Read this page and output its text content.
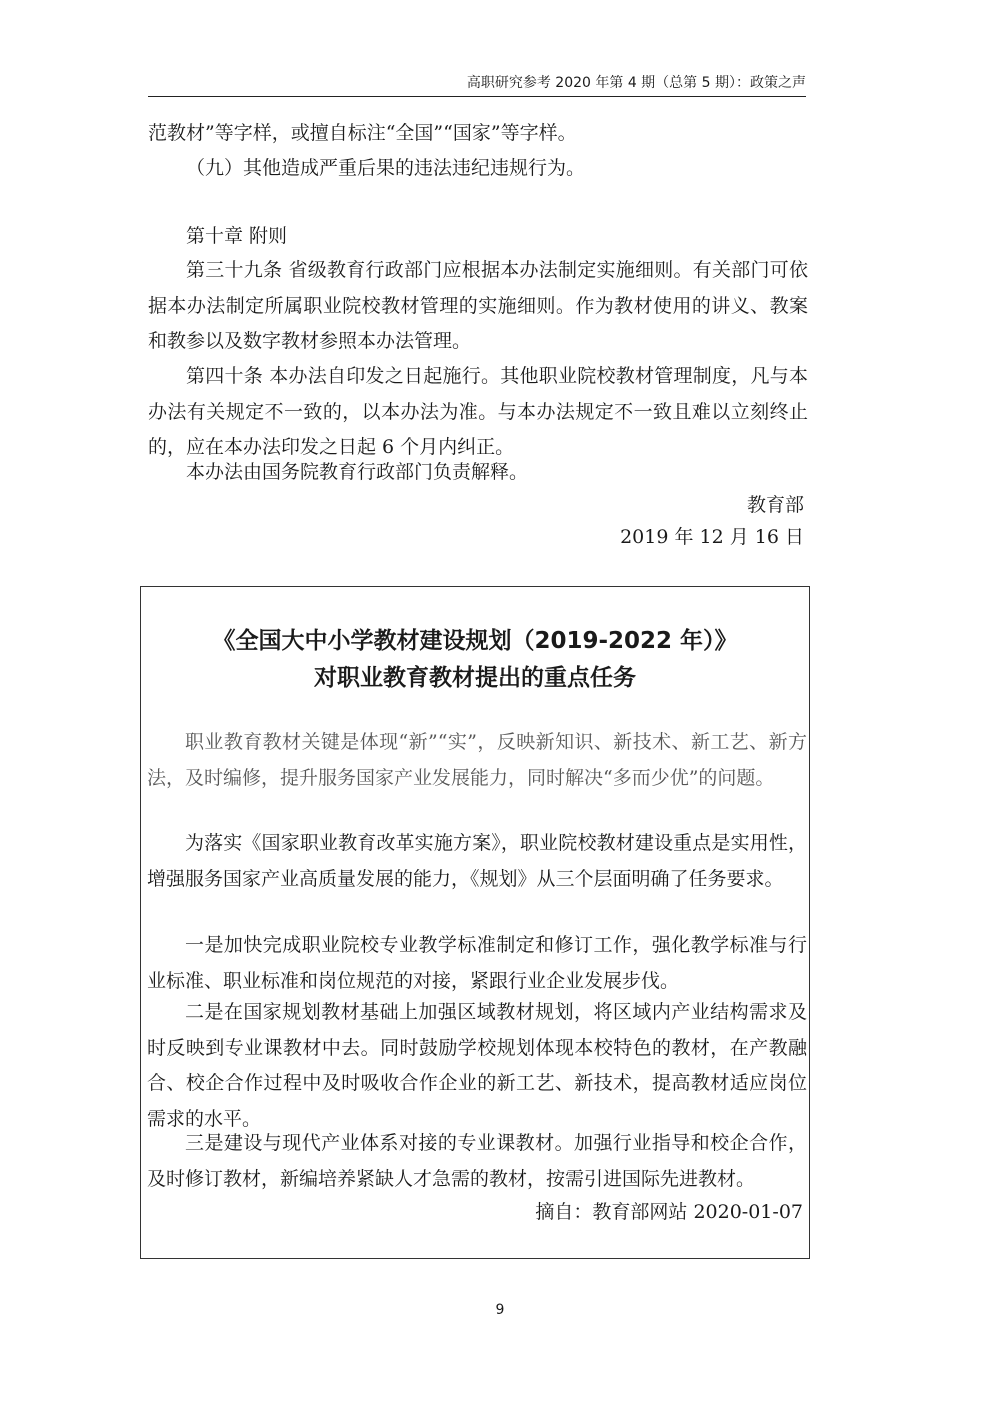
高职研究参考 2020 年第 4 期（总第 5 期）：政策之声
范教材”等字样，或擅自标注“全国”“国家”等字样。
（九）其他造成严重后果的违法违纪违规行为。
第十章 附则
第三十九条 省级教育行政部门应根据本办法制定实施细则。有关部门可依据本办法制定所属职业院校教材管理的实施细则。作为教材使用的讲义、教案和教参以及数字教材参照本办法管理。
第四十条 本办法自印发之日起施行。其他职业院校教材管理制度，凡与本办法有关规定不一致的，以本办法为准。与本办法规定不一致且难以立刻终止的，应在本办法印发之日起 6 个月内纠正。
本办法由国务院教育行政部门负责解释。
教育部
2019 年 12 月 16 日
《全国大中小学教材建设规划（2019-2022 年）》
对职业教育教材提出的重点任务
职业教育教材关键是体现“新”“实”，反映新知识、新技术、新工艺、新方法，及时编修，提升服务国家产业发展能力，同时解决“多而少优”的问题。
为落实《国家职业教育改革实施方案》，职业院校教材建设重点是实用性，增强服务国家产业高质量发展的能力，《规划》从三个层面明确了任务要求。
一是加快完成职业院校专业教学标准制定和修订工作，强化教学标准与行业标准、职业标准和岗位规范的对接，紧跟行业企业发展步伐。
二是在国家规划教材基础上加强区域教材规划，将区域内产业结构需求及时反映到专业课教材中去。同时鼓励学校规划体现本校特色的教材，在产教融合、校企合作过程中及时吸收合作企业的新工艺、新技术，提高教材适应岗位需求的水平。
三是建设与现代产业体系对接的专业课教材。加强行业指导和校企合作，及时修订教材，新编培养紧缺人才急需的教材，按需引进国际先进教材。
摘自：教育部网站 2020-01-07
9
